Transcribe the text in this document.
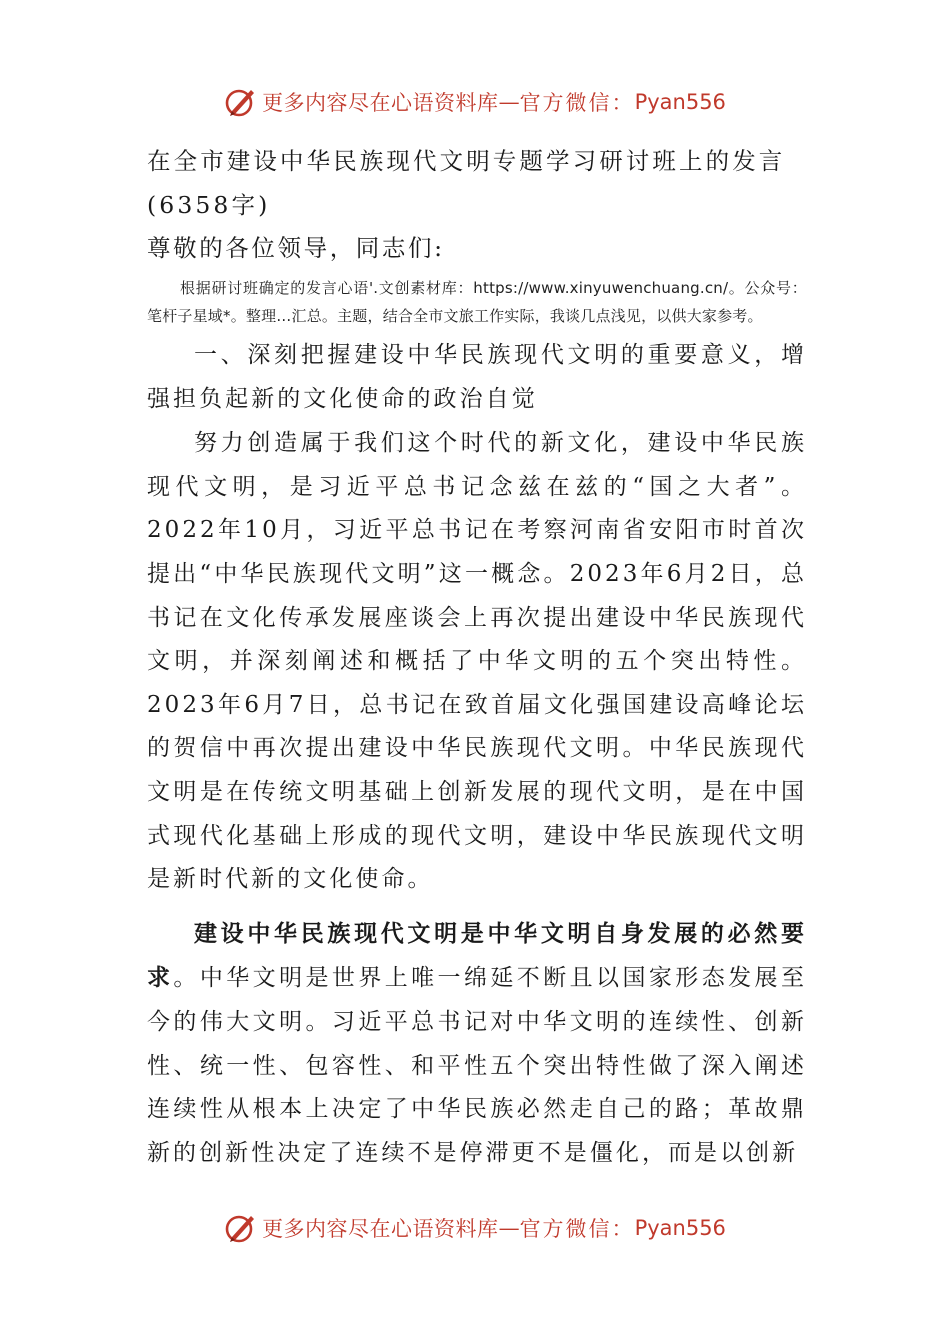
更多内容尽在心语资料库 — 官方微信： Pyan556
在全市建设中华民族现代文明专题学习研讨班上的发言
(6358字)
尊敬的各位领导，同志们:
根据研讨班确定的发言心语'.文创素材库：https://www.xinyuwenchuang.cn/。公众号：笔杆子星域*。整理…汇总。主题，结合全市文旅工作实际，我谈几点浅见，以供大家参考。
一、深刻把握建设中华民族现代文明的重要意义，增强担负起新的文化使命的政治自觉
努力创造属于我们这个时代的新文化，建设中华民族现代文明，是习近平总书记念兹在兹的“国之大者”。2022年10月，习近平总书记在考察河南省安阳市时首次提出“中华民族现代文明”这一概念。2023年6月2日，总书记在文化传承发展座谈会上再次提出建设中华民族现代文明，并深刻阐述和概括了中华文明的五个突出特性。2023年6月7日，总书记在致首届文化强国建设高峰论坛的贺信中再次提出建设中华民族现代文明。中华民族现代文明是在传统文明基础上创新发展的现代文明，是在中国式现代化基础上形成的现代文明，建设中华民族现代文明是新时代新的文化使命。
建设中华民族现代文明是中华文明自身发展的必然要求。中华文明是世界上唯一绵延不断且以国家形态发展至今的伟大文明。习近平总书记对中华文明的连续性、创新性、统一性、包容性、和平性五个突出特性做了深入阐述连续性从根本上决定了中华民族必然走自己的路；革故鼎新的创新性决定了连续不是停滞更不是僵化，而是以创新
更多内容尽在心语资料库 — 官方微信： Pyan556
